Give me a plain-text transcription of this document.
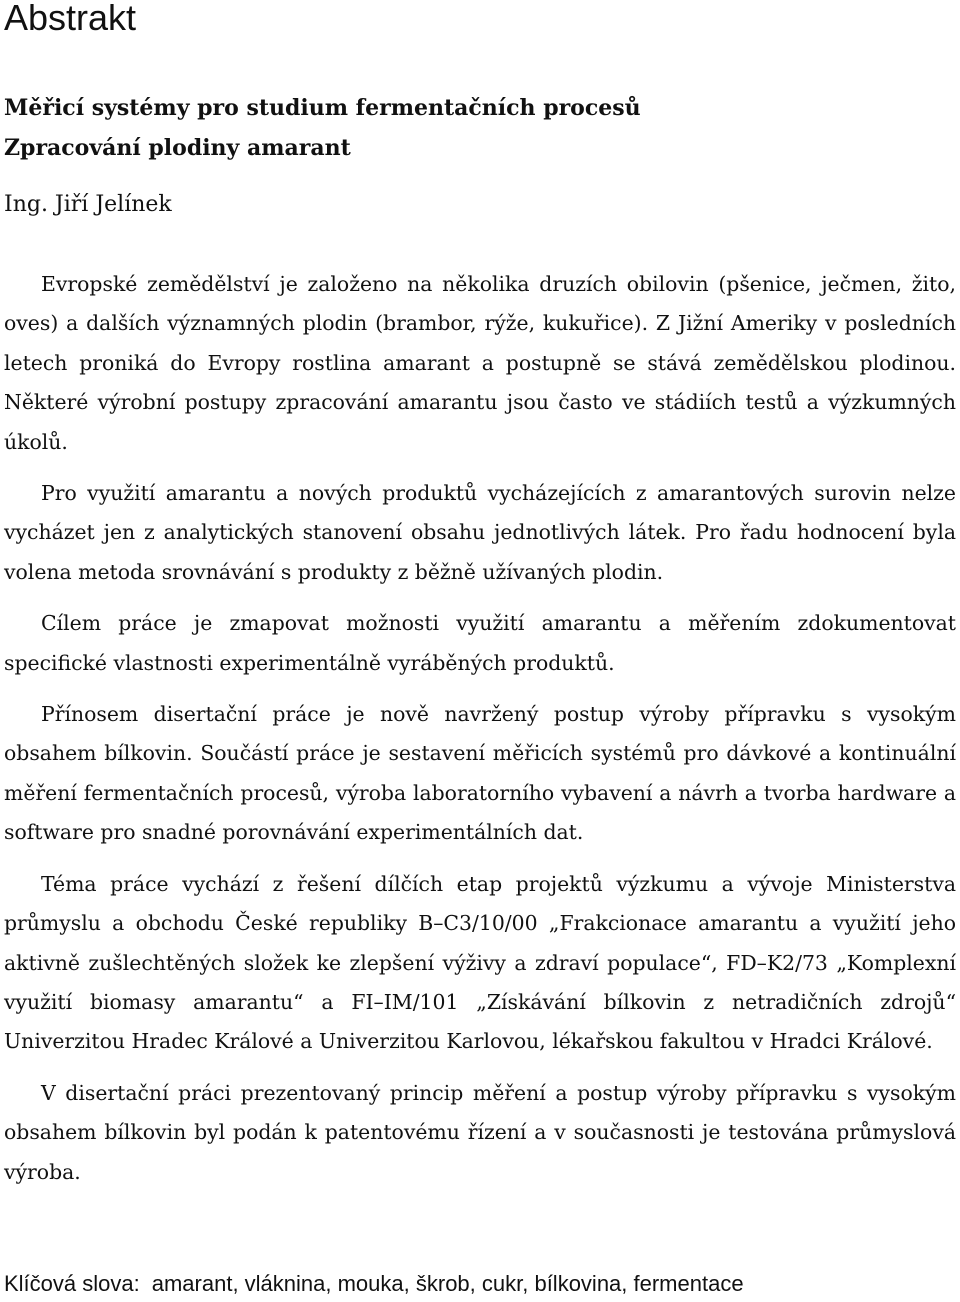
Abstrakt
Měřicí systémy pro studium fermentačních procesů
Zpracování plodiny amarant
Ing. Jiří Jelínek

Evropské zemědělství je založeno na několika druzích obilovin (pšenice, ječmen, žito, oves) a dalších významných plodin (brambor, rýže, kukuřice). Z Jižní Ameriky v posledních letech proniká do Evropy rostlina amarant a postupně se stává zemědělskou plodinou. Některé výrobní postupy zpracování amarantu jsou často ve stádiích testů a výzkumných úkolů.

Pro využití amarantu a nových produktů vycházejících z amarantových surovin nelze vycházet jen z analytických stanovení obsahu jednotlivých látek. Pro řadu hodnocení byla volena metoda srovnávání s produkty z běžně užívaných plodin.

Cílem práce je zmapovat možnosti využití amarantu a měřením zdokumentovat specifické vlastnosti experimentálně vyráběných produktů.

Přínosem disertační práce je nově navržený postup výroby přípravku s vysokým obsahem bílkovin. Součástí práce je sestavení měřicích systémů pro dávkové a kontinuální měření fermentačních procesů, výroba laboratorního vybavení a návrh a tvorba hardware a software pro snadné porovnávání experimentálních dat.

Téma práce vychází z řešení dílčích etap projektů výzkumu a vývoje Ministerstva průmyslu a obchodu České republiky B–C3/10/00 „Frakcionace amarantu a využití jeho aktivně zušlechtěných složek ke zlepšení výživy a zdraví populace“, FD–K2/73 „Komplexní využití biomasy amarantu“ a FI–IM/101 „Získávání bílkovin z netradičních zdrojů“ Univerzitou Hradec Králové a Univerzitou Karlovou, lékařskou fakultou v Hradci Králové.

V disertační práci prezentovaný princip měření a postup výroby přípravku s vysokým obsahem bílkovin byl podán k patentovému řízení a v současnosti je testována průmyslová výroba.

Klíčová slova: amarant, vláknina, mouka, škrob, cukr, bílkovina, fermentace
